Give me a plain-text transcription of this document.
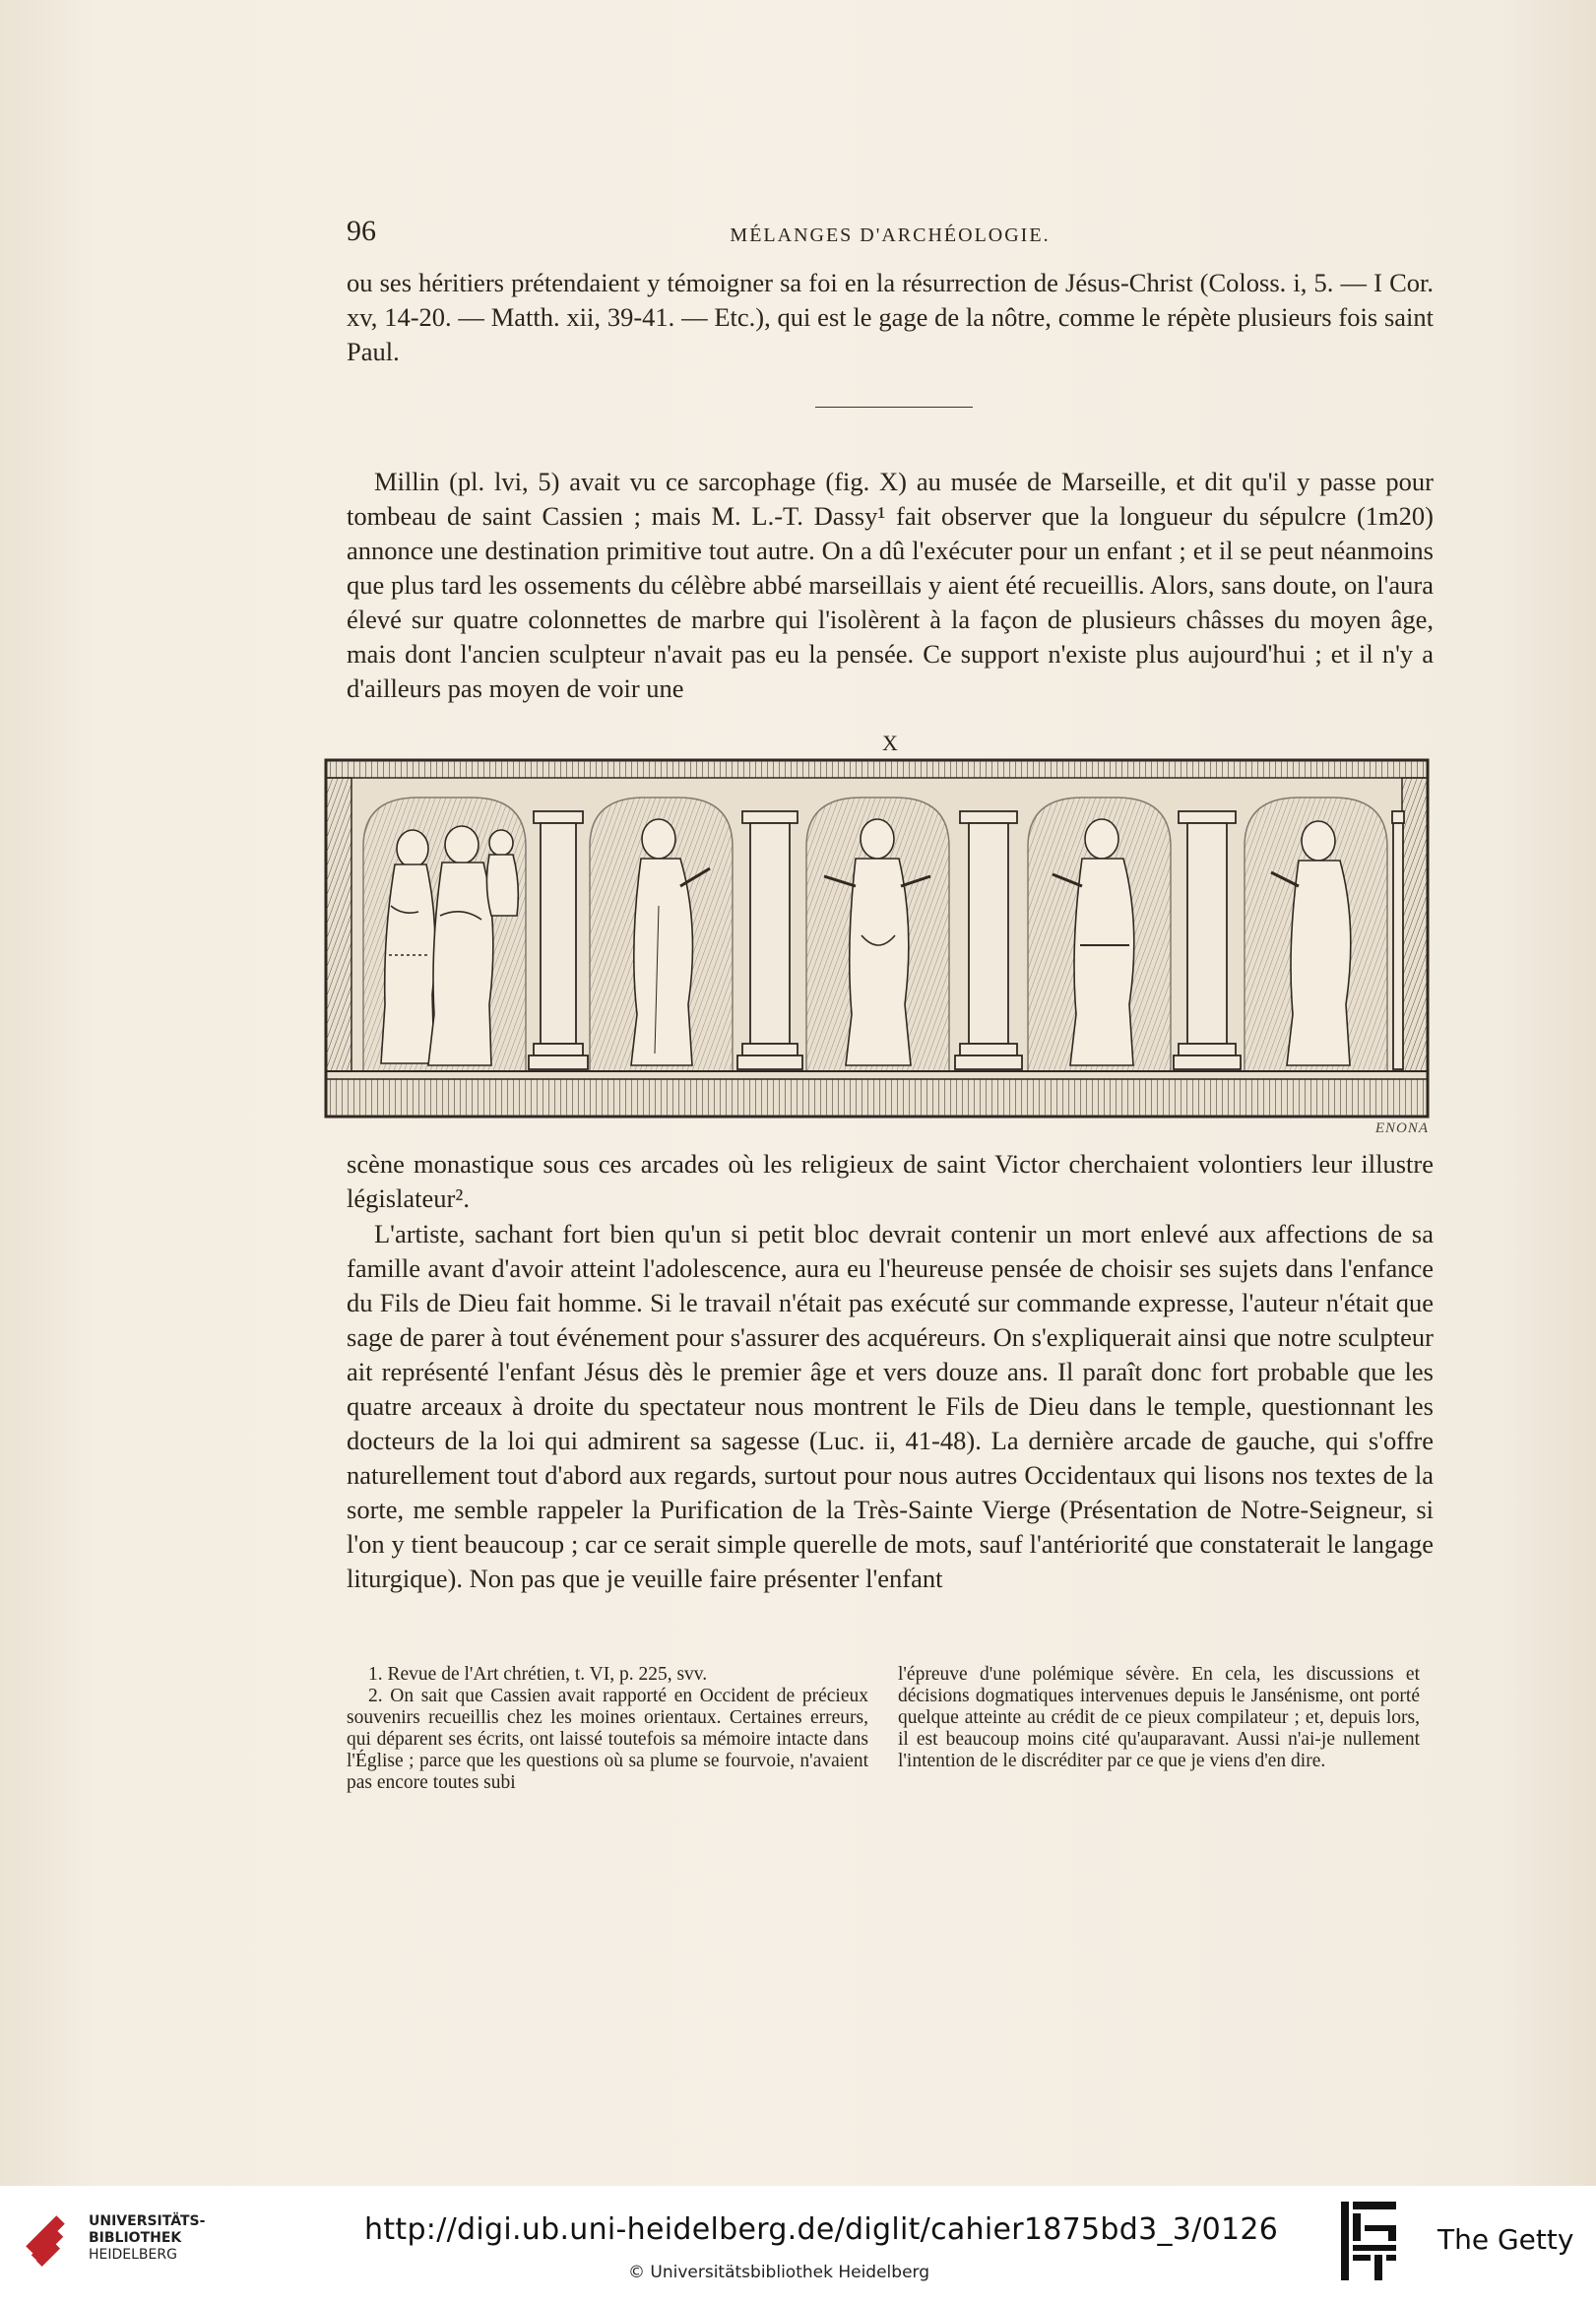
96	MÉLANGES D'ARCHÉOLOGIE.

ou ses héritiers prétendaient y témoigner sa foi en la résurrection de Jésus-Christ (Coloss. i, 5. — I Cor. xv, 14-20. — Matth. xii, 39-41. — Etc.), qui est le gage de la nôtre, comme le répète plusieurs fois saint Paul.

Millin (pl. lvi, 5) avait vu ce sarcophage (fig. X) au musée de Marseille, et dit qu'il y passe pour tombeau de saint Cassien ; mais M. L.-T. Dassy¹ fait observer que la longueur du sépulcre (1m20) annonce une destination primitive tout autre. On a dû l'exécuter pour un enfant ; et il se peut néanmoins que plus tard les ossements du célèbre abbé marseillais y aient été recueillis. Alors, sans doute, on l'aura élevé sur quatre colonnettes de marbre qui l'isolèrent à la façon de plusieurs châsses du moyen âge, mais dont l'ancien sculpteur n'avait pas eu la pensée. Ce support n'existe plus aujourd'hui ; et il n'y a d'ailleurs pas moyen de voir une

X
ENONA

scène monastique sous ces arcades où les religieux de saint Victor cherchaient volontiers leur illustre législateur².

L'artiste, sachant fort bien qu'un si petit bloc devrait contenir un mort enlevé aux affections de sa famille avant d'avoir atteint l'adolescence, aura eu l'heureuse pensée de choisir ses sujets dans l'enfance du Fils de Dieu fait homme. Si le travail n'était pas exécuté sur commande expresse, l'auteur n'était que sage de parer à tout événement pour s'assurer des acquéreurs. On s'expliquerait ainsi que notre sculpteur ait représenté l'enfant Jésus dès le premier âge et vers douze ans. Il paraît donc fort probable que les quatre arceaux à droite du spectateur nous montrent le Fils de Dieu dans le temple, questionnant les docteurs de la loi qui admirent sa sagesse (Luc. ii, 41-48). La dernière arcade de gauche, qui s'offre naturellement tout d'abord aux regards, surtout pour nous autres Occidentaux qui lisons nos textes de la sorte, me semble rappeler la Purification de la Très-Sainte Vierge (Présentation de Notre-Seigneur, si l'on y tient beaucoup ; car ce serait simple querelle de mots, sauf l'antériorité que constaterait le langage liturgique). Non pas que je veuille faire présenter l'enfant

1. Revue de l'Art chrétien, t. VI, p. 225, svv.

2. On sait que Cassien avait rapporté en Occident de précieux souvenirs recueillis chez les moines orientaux. Certaines erreurs, qui déparent ses écrits, ont laissé toutefois sa mémoire intacte dans l'Église ; parce que les questions où sa plume se fourvoie, n'avaient pas encore toutes subi

l'épreuve d'une polémique sévère. En cela, les discussions et décisions dogmatiques intervenues depuis le Jansénisme, ont porté quelque atteinte au crédit de ce pieux compilateur ; et, depuis lors, il est beaucoup moins cité qu'auparavant. Aussi n'ai-je nullement l'intention de le discréditer par ce que je viens d'en dire.

UNIVERSITÄTS-
BIBLIOTHEK
HEIDELBERG
http://digi.ub.uni-heidelberg.de/diglit/cahier1875bd3_3/0126
© Universitätsbibliothek Heidelberg
The Getty
